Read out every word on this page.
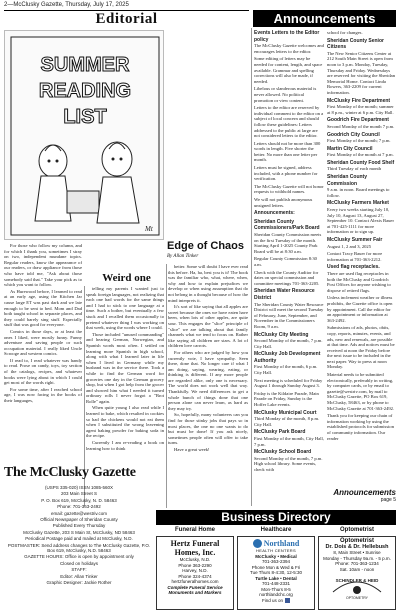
2—McClusky Gazette, Thursday, July 17, 2025
Editorial	Announcements
SUMMER
READING
LIST
Mt
Edge of Chaos
By Allan Tinker
Weird one

For those who follow my column, and for which I thank you, sometimes I stray on two, independent mundane topics. Regular readers, know the appearance of our readers, or draw appliance from those who have told me, "Ask about those somebody said that." Take your pick as to which you want to follow.

As Hurewood before, I learned to read at an early age, using the Kitchen Jar cause large ET was past dark and we late enough to be sent to bed. Mom and Dad both taught school in separate places, and they could barely sing stuff. Especially stuff that was good for everyone.

Comics in those days, or at least the ones I liked, were mostly funny. Funny adventure and saving people or such occupation material. I really liked Uncle Scrooge and western comics.

If read to, I read whatever was handy to read. Prose on candy, toys, toy section of the catalogs, recipes, and whatever books were lying about in which I could get most of the words right.

For some time, after I reached school age, I was now facing in the books of their languages,

telling my parents I wanted just to speak foreign languages, not realizing that each one had words for the same things and I had to stick to one language at a time. Such a bother, but eventually a few stuck and I recalled them occasionally to pretend whatever thing I was working on that week, using the words where I could.

Those included "unused commanding" and hearing German, Norwegian, and Spanish words most often. I settled on learning more Spanish in high school, along with what I learned later in life when I lived in Germany while my husband was in the service there. Took a while to find the German word for groceries one day in the German grocery shop, but when I got help from the grocer and showed him what I needed it turned ordinary rolls I never forgot a "Brot Rolle" again.

When quite young I also read while I learned to bake, which resulted in cookies so had the chickens would not eat them when I substituted the wrong leavening agent baking powder for baking soda in the recipe.

Currently I am re-reading a book on learning how to think

better. Some will doubt I have ever read this before. Ha, ha, best you is it! The book was the familiar who, what, where, when, why and how to explain prejudices we develop or when using assumption that do not belong in a thought because of how the mind interprets it.

It's sort of like saying that all apples are sweet because the ones we have eaten have been, when lots of other apples, are quite sour. This engages the "slice" principle of "slice" we are talking about that family channels what we tend to focus on. Rather like saying all children are stars. A lot of children love carrots.

For others who are judged by how you currently vote, I have sympathy. Seen there, done that. No longer care if what I am doing, saying, wearing, eating, or thinking is different. If any more people are regarded alike, only one is necessary. The world does not work well that way. Thankfully. We need differences to get a whole bunch of things done that one person alone can never learn, as hard as they may try.

So, hopefully, many volunteers can you find for those stinky jobs that pays so in most places, the one no one wants to do but must be done! If you ask nicely, sometimes people often will offer to take turns.

Have a great week!

The McClusky Gazette
(USPS 335-020) ISSN 1085-560X
203 Main Street S
P. O. Box 619, McClusky, N. D. 58463
Phone: 701-363-2492
email: gazette@westriv.com
Official Newspaper of Sheridan County
Published Every Thursday
McClusky Gazette, 203 S Main St, McClusky, ND 58463
Periodical Postage paid and mailed at McClusky, N.D.
POSTMASTER: Send address changes to The McClusky Gazette, P.O. Box 619, McClusky, N.D. 58463
GAZETTE HOURS: Office is open by appointment only
Closed on holidays
STAFF:
Editor: Allan Tinker
Graphic Designer: Jackie Rother

Events Letters to the Editor policy
The McClusky Gazette welcomes and encourages letters to the editor.

Some editing of letters may be needed for content, length, and space available. Grammar and spelling corrections will also be made, if needed.

Libelous or slanderous material is never allowed. No political promotion or view content.

Letters to the editor are reserved by individual comment to the editor on a subject of local concern and should follow these guidelines: Letters addressed to the public at large are not considered letters to the editor.

Letters should not be more than 300 words in length. Five shorter the better. No more than one letter per month.

Letters must be signed, address included, with a phone number for verification.

The McClusky Gazette will not honor requests to withhold names.

We will not publish anonymous unsigned letters.

Announcements:

Sheridan County Commissioners/Park Board
Sheridan County Commission meets on the first Tuesday of the month. Starting April 1-2025 County Park Board will be at 8:30 a.m.

Regular County Commission 8:30 a.m.

Check with the County Auditor for dates on special commission and committee meetings 701-363-2205.

Sheridan Water Resource District
The Sheridan County Water Resource District will meet the second Tuesday of February, June, September, and November in the Commissioners Room, 9 a.m.

McClusky City Meeting
Second Monday of the month, 7 p.m. City Hall.

McClusky Job Development Authority
First Monday of the month, 6 p.m. City Hall.

Next meeting is scheduled for Friday August 1 through Sunday August 3.

Friday is the Kildaire Parade, Main Parade on Friday, Sunday is the Hoffer Lake events.

McClusky Municipal Court
Third Monday of the month, 8 p.m. City Hall.

McClusky Park Board
First Monday of the month, City Hall, 7 p.m.

McClusky School Board
Second Monday of the month, 7 p.m. High school library. Some events, check with

school for changes.

Sheridan County Senior Citizens
The New Senior Citizens Center at 212 South Main Street is open from noon to 3 p.m. Monday, Tuesday, Thursday and Friday. Wednesdays are reserved for visiting the Sheridan Memorial Home. Contact Linda Bowers, 363-2209 for current information.

McClusky Fire Department
First Monday of the month; summer at 8 p.m., winter at 6 p.m. City Hall.

Goodrich Fire Department
Second Monday of the month 7 p.m.

Goodrich City Council
First Monday of the month; 7 p.m.

Martin City Council
First Monday of the month at 7 p.m.

Sheridan County Food Shelf
Third Tuesday of each month

Sheridan County Commission
9 a.m. in noon. Board meetings to follow.

McClusky Farmers Market
Every two weeks starting July 10, July 10, August 13, August 27, September 10. Contact Alexis Bauer at 701-425-1111 for more information or to sign up.

McClusky Summer Fair
August 1, 2 and 3, 2025

Contact Tracy Bauer for more information at 701-363-2212.

Used flag receptacles.
There are used flag receptacles in both the McClusky and Goodrich Post Offices for anyone wishing to dispose of retired flags.

Unless inclement weather or illness prohibits, the Gazette office is open by appointment. Call the editor for an appointment or information at 363-2492.

Submissions of ads, photos, obits, copy, reports, minutes, events, and ads, new and renewals, are possible at that time. Ads and notices must be received at noon the Friday before the next issue to be included in the next paper. Way to press at noon Monday.

Material needs to be submitted electronically, preferably in writing, by computer cards, or by email to gazette@westriv.com, by mail to McClusky Gazette, PO Box 619, McClusky, 58463, or by phone to McClusky Gazette at 701-363-2492.

Thank you for keeping our chain of information working by using the established protocols for submission of community information. Our reader

Announcements
page 5
Business Directory
Funeral Home	Healthcare	Optometrist
Hertz Funeral
Homes, Inc.
McClusky, N.D.
Phone 363-2290
Harvey, N.D.
Phone 324-4374
hertzfuneralhomes.com
Complete Funeral Service
Monuments and Markers
Northland
HEALTH CENTERS
McClusky • Medical
701-363-2394
Phone Mon & Wed & Fri
Tue Thurs 8-4:30, 12-5:30
Turtle Lake • Dental
701-448-2331
Mon-Thurs 8-5
northlandchc.org
Find us on
Optometrist
Dr. Dois & Dr. Hellebush
8, Main Street • Sunrise
Monday - Thursday 9a.m. - 5 p.m.
Phone: 701-363-1234
Sat. 10am - noon
SCHINDLER & HEID
OPTOMETRY
